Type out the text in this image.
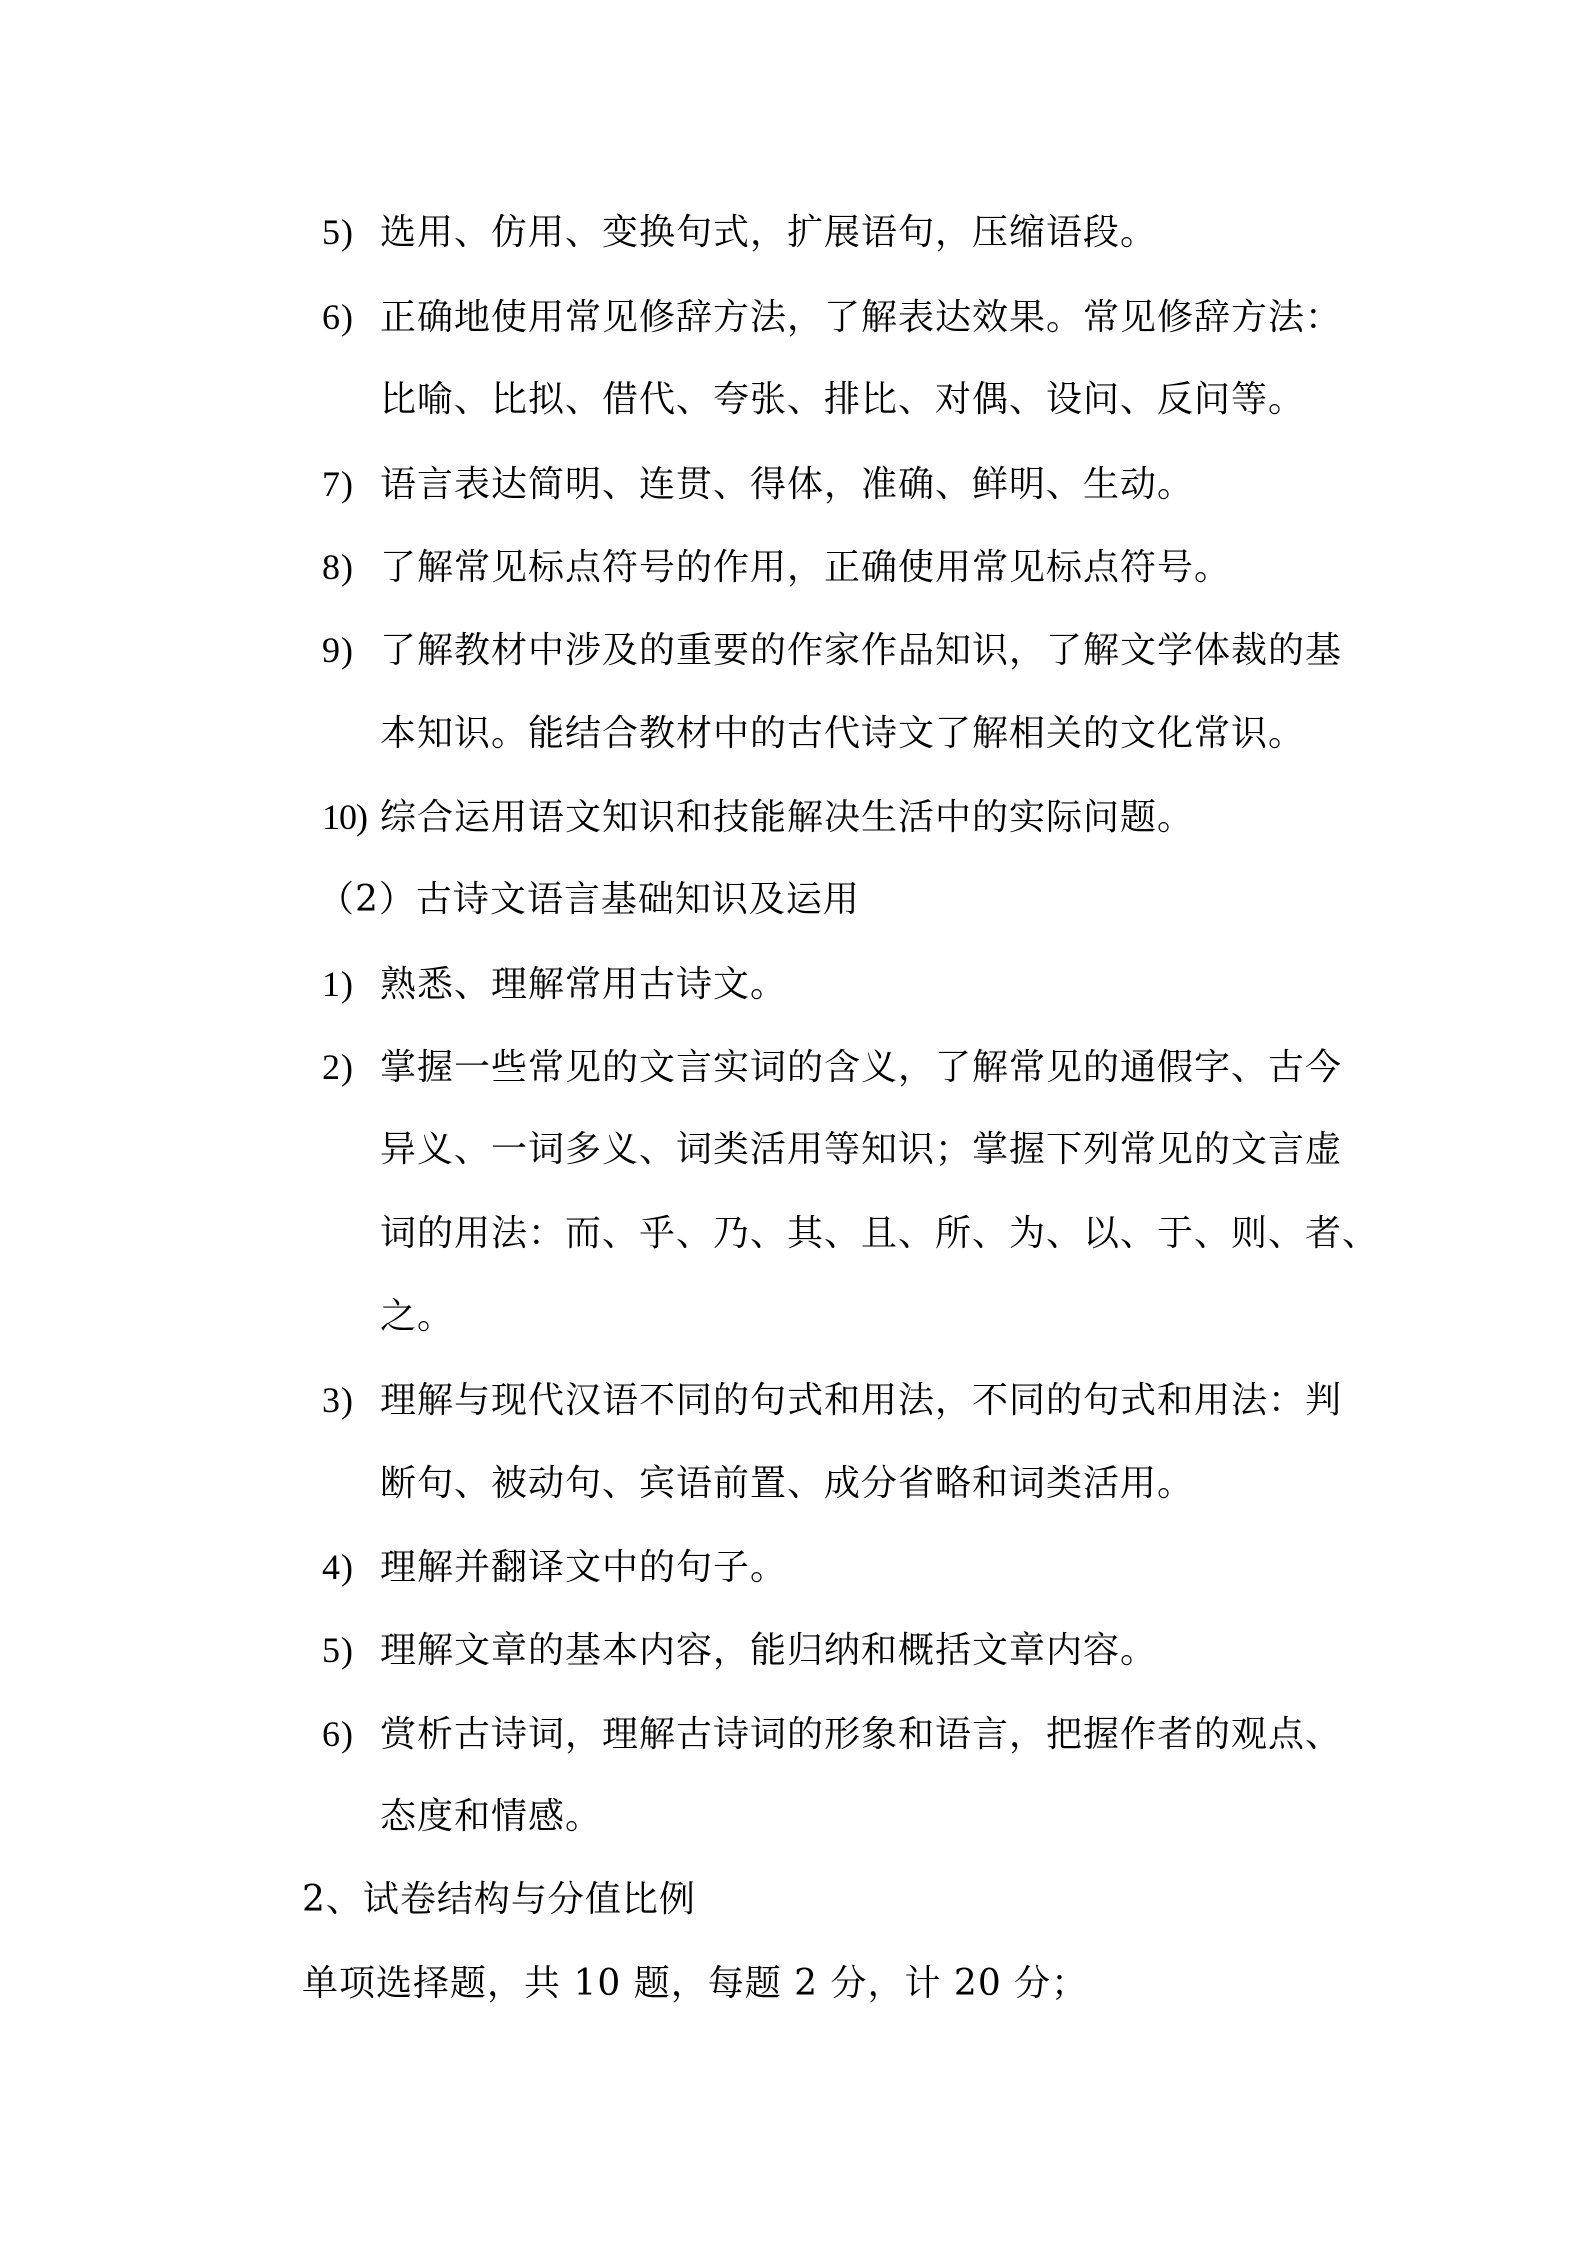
5) 选用、仿用、变换句式，扩展语句，压缩语段。
6) 正确地使用常见修辞方法，了解表达效果。常见修辞方法：
比喻、比拟、借代、夸张、排比、对偶、设问、反问等。
7) 语言表达简明、连贯、得体，准确、鲜明、生动。
8) 了解常见标点符号的作用，正确使用常见标点符号。
9) 了解教材中涉及的重要的作家作品知识，了解文学体裁的基
本知识。能结合教材中的古代诗文了解相关的文化常识。
10) 综合运用语文知识和技能解决生活中的实际问题。
（2）古诗文语言基础知识及运用
1) 熟悉、理解常用古诗文。
2) 掌握一些常见的文言实词的含义，了解常见的通假字、古今
异义、一词多义、词类活用等知识；掌握下列常见的文言虚
词的用法：而、乎、乃、其、且、所、为、以、于、则、者、
之。
3) 理解与现代汉语不同的句式和用法，不同的句式和用法：判
断句、被动句、宾语前置、成分省略和词类活用。
4) 理解并翻译文中的句子。
5) 理解文章的基本内容，能归纳和概括文章内容。
6) 赏析古诗词，理解古诗词的形象和语言，把握作者的观点、
态度和情感。
2、试卷结构与分值比例
单项选择题，共 10 题，每题 2 分，计 20 分；
